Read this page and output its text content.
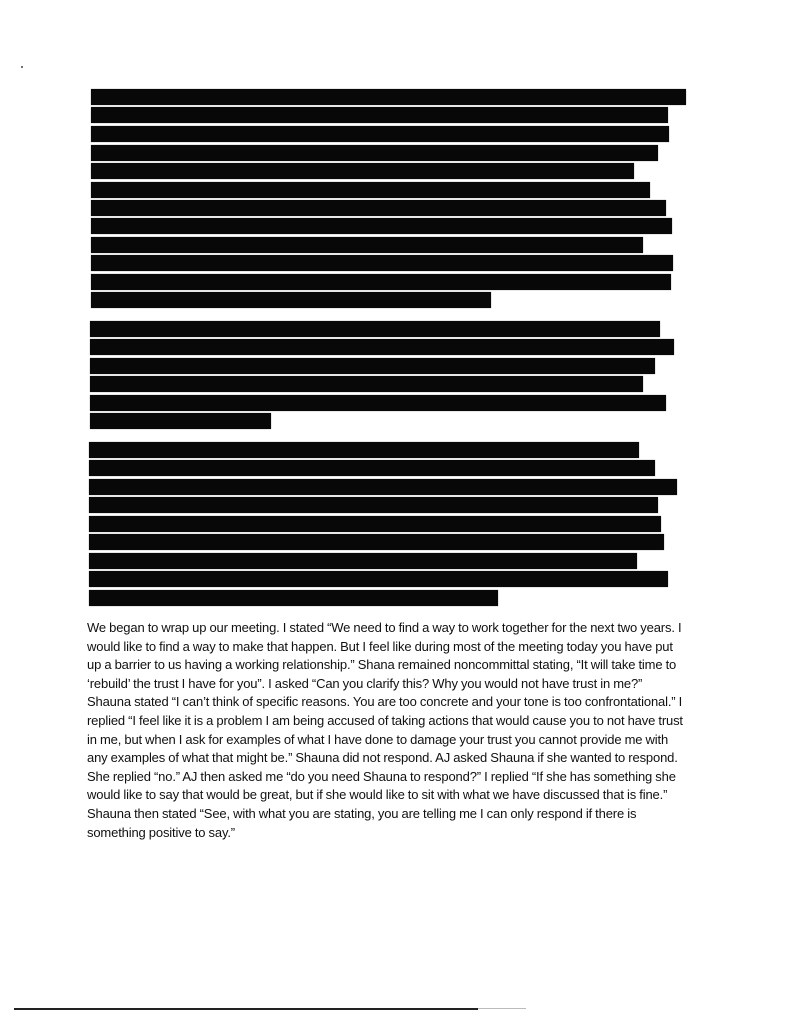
We began to wrap up our meeting. I stated “We need to find a way to work together for the next two years. I would like to find a way to make that happen. But I feel like during most of the meeting today you have put up a barrier to us having a working relationship.” Shana remained noncommittal stating, “It will take time to ‘rebuild’ the trust I have for you”. I asked “Can you clarify this? Why you would not have trust in me?” Shauna stated “I can’t think of specific reasons. You are too concrete and your tone is too confrontational.” I replied “I feel like it is a problem I am being accused of taking actions that would cause you to not have trust in me, but when I ask for examples of what I have done to damage your trust you cannot provide me with any examples of what that might be.” Shauna did not respond. AJ asked Shauna if she wanted to respond. She replied “no.” AJ then asked me “do you need Shauna to respond?” I replied “If she has something she would like to say that would be great, but if she would like to sit with what we have discussed that is fine.” Shauna then stated “See, with what you are stating, you are telling me I can only respond if there is something positive to say.”
